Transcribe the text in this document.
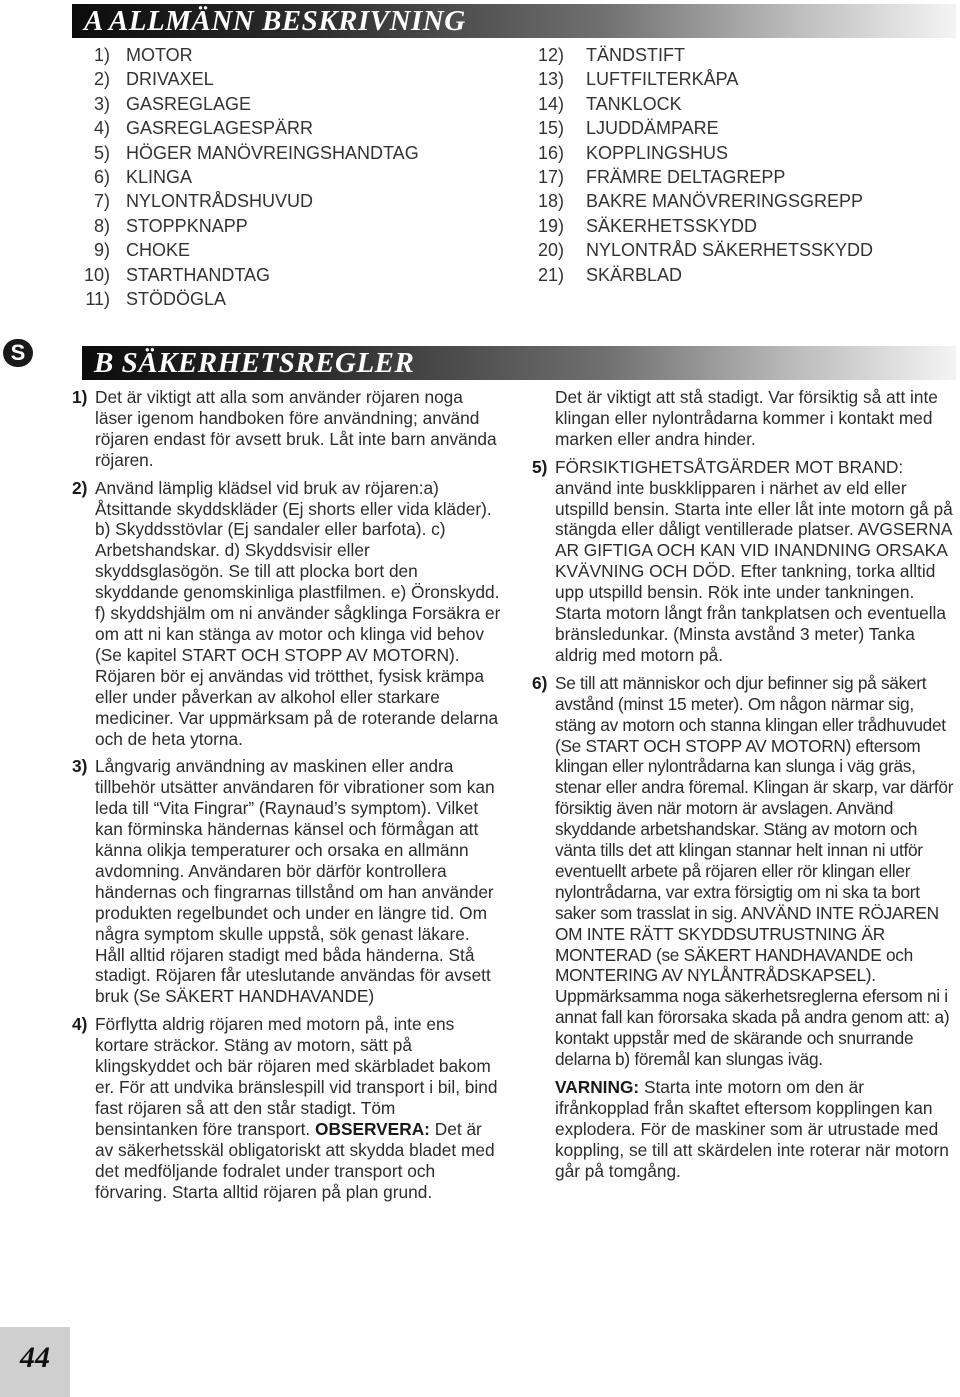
A ALLMÄNN BESKRIVNING
1) MOTOR
2) DRIVAXEL
3) GASREGLAGE
4) GASREGLAGESPÄRR
5) HÖGER MANÖVREINGSHANDTAG
6) KLINGA
7) NYLONTRÅDSHUVUD
8) STOPPKNAPP
9) CHOKE
10) STARTHANDTAG
11) STÖDÖGLA
12) TÄNDSTIFT
13) LUFTFILTERKÅPA
14) TANKLOCK
15) LJUDDÄMPARE
16) KOPPLINGSHUS
17) FRÄMRE DELTAGREPP
18) BAKRE MANÖVRERINGSGREPP
19) SÄKERHETSSKYDD
20) NYLONTRÅD SÄKERHETSSKYDD
21) SKÄRBLAD
S B SÄKERHETSREGLER

1) Det är viktigt att alla som använder röjaren noga läser igenom handboken före användning; använd röjaren endast för avsett bruk. Låt inte barn använda röjaren.

2) Använd lämplig klädsel vid bruk av röjaren:a) Åtsittande skyddskläder (Ej shorts eller vida kläder). b) Skyddsstövlar (Ej sandaler eller barfota). c) Arbetshandskar. d) Skyddsvisir eller skyddsglasögön. Se till att plocka bort den skyddande genomskinliga plastfilmen. e) Öronskydd. f) skyddshjälm om ni använder sågklinga Forsäkra er om att ni kan stänga av motor och klinga vid behov (Se kapitel START OCH STOPP AV MOTORN). Röjaren bör ej användas vid trötthet, fysisk krämpa eller under påverkan av alkohol eller starkare mediciner. Var uppmärksam på de roterande delarna och de heta ytorna.

3) Långvarig användning av maskinen eller andra tillbehör utsätter användaren för vibrationer som kan leda till “Vita Fingrar” (Raynaud’s symptom). Vilket kan förminska händernas känsel och förmågan att känna olikja temperaturer och orsaka en allmänn avdomning. Användaren bör därför kontrollera händernas och fingrarnas tillstånd om han använder produkten regelbundet och under en längre tid. Om några symptom skulle uppstå, sök genast läkare. Håll alltid röjaren stadigt med båda händerna. Stå stadigt. Röjaren får uteslutande användas för avsett bruk (Se SÄKERT HANDHAVANDE)

4) Förflytta aldrig röjaren med motorn på, inte ens kortare sträckor. Stäng av motorn, sätt på klingskyddet och bär röjaren med skärbladet bakom er. För att undvika bränslespill vid transport i bil, bind fast röjaren så att den står stadigt. Töm bensintanken före transport. OBSERVERA: Det är av säkerhetsskäl obligatoriskt att skydda bladet med det medföljande fodralet under transport och förvaring. Starta alltid röjaren på plan grund.

Det är viktigt att stå stadigt. Var försiktig så att inte klingan eller nylontrådarna kommer i kontakt med marken eller andra hinder.

5) FÖRSIKTIGHETSÅTGÄRDER MOT BRAND: använd inte buskklipparen i närhet av eld eller utspilld bensin. Starta inte eller låt inte motorn gå på stängda eller dåligt ventillerade platser. AVGSERNA AR GIFTIGA OCH KAN VID INANDNING ORSAKA KVÄVNING OCH DÖD. Efter tankning, torka alltid upp utspilld bensin. Rök inte under tankningen. Starta motorn långt från tankplatsen och eventuella bränsledunkar. (Minsta avstånd 3 meter) Tanka aldrig med motorn på.

6) Se till att människor och djur befinner sig på säkert avstånd (minst 15 meter). Om någon närmar sig, stäng av motorn och stanna klingan eller trådhuvudet (Se START OCH STOPP AV MOTORN) eftersom klingan eller nylontrådarna kan slunga i väg gräs, stenar eller andra föremal. Klingan är skarp, var därför försiktig även när motorn är avslagen. Använd skyddande arbetshandskar. Stäng av motorn och vänta tills det att klingan stannar helt innan ni utför eventuellt arbete på röjaren eller rör klingan eller nylontrådarna, var extra försigtig om ni ska ta bort saker som trasslat in sig. ANVÄND INTE RÖJAREN OM INTE RÄTT SKYDDSUTRUSTNING ÄR MONTERAD (se SÄKERT HANDHAVANDE och MONTERING AV NYLÅNTRÅDSKAPSEL). Uppmärksamma noga säkerhetsreglerna efersom ni i annat fall kan förorsaka skada på andra genom att: a) kontakt uppstår med de skärande och snurrande delarna b) föremål kan slungas iväg.

VARNING: Starta inte motorn om den är ifrånkopplad från skaftet eftersom kopplingen kan explodera. För de maskiner som är utrustade med koppling, se till att skärdelen inte roterar när motorn går på tomgång.

44
